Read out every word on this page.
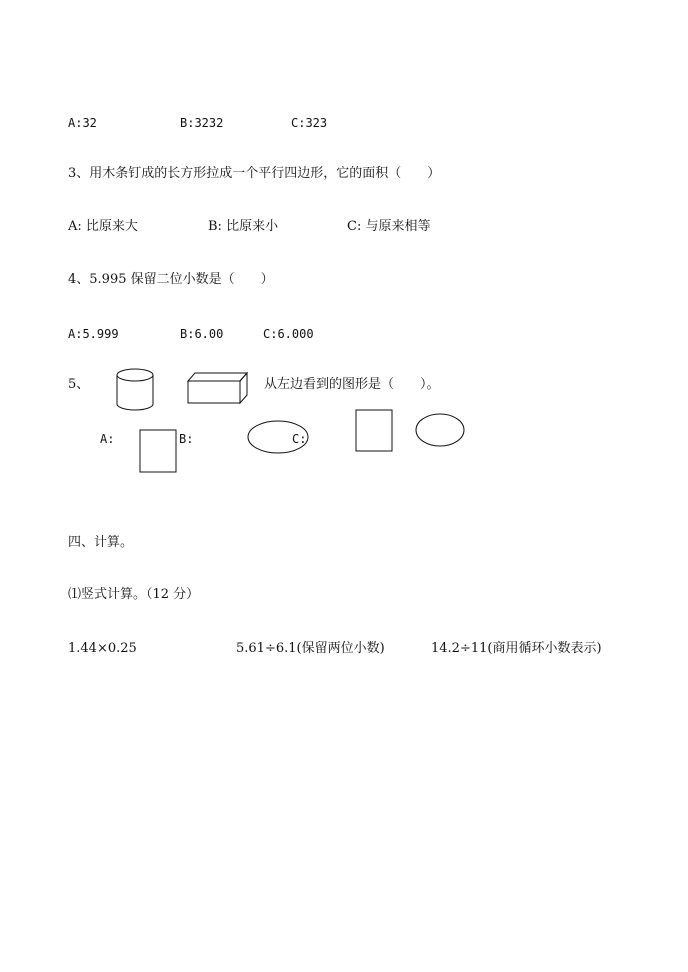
A:32	B:3232	C:323
3、用木条钉成的长方形拉成一个平行四边形，它的面积（　　）
A: 比原来大	B: 比原来小	C: 与原来相等
4、5.995 保留二位小数是（　　）
A:5.999	B:6.00	C:6.000
5、	从左边看到的图形是（　　）。
A:	B:	C:
四、计算。
⑴竖式计算。（12 分）
1.44×0.25	5.61÷6.1(保留两位小数)	14.2÷11(商用循环小数表示)
